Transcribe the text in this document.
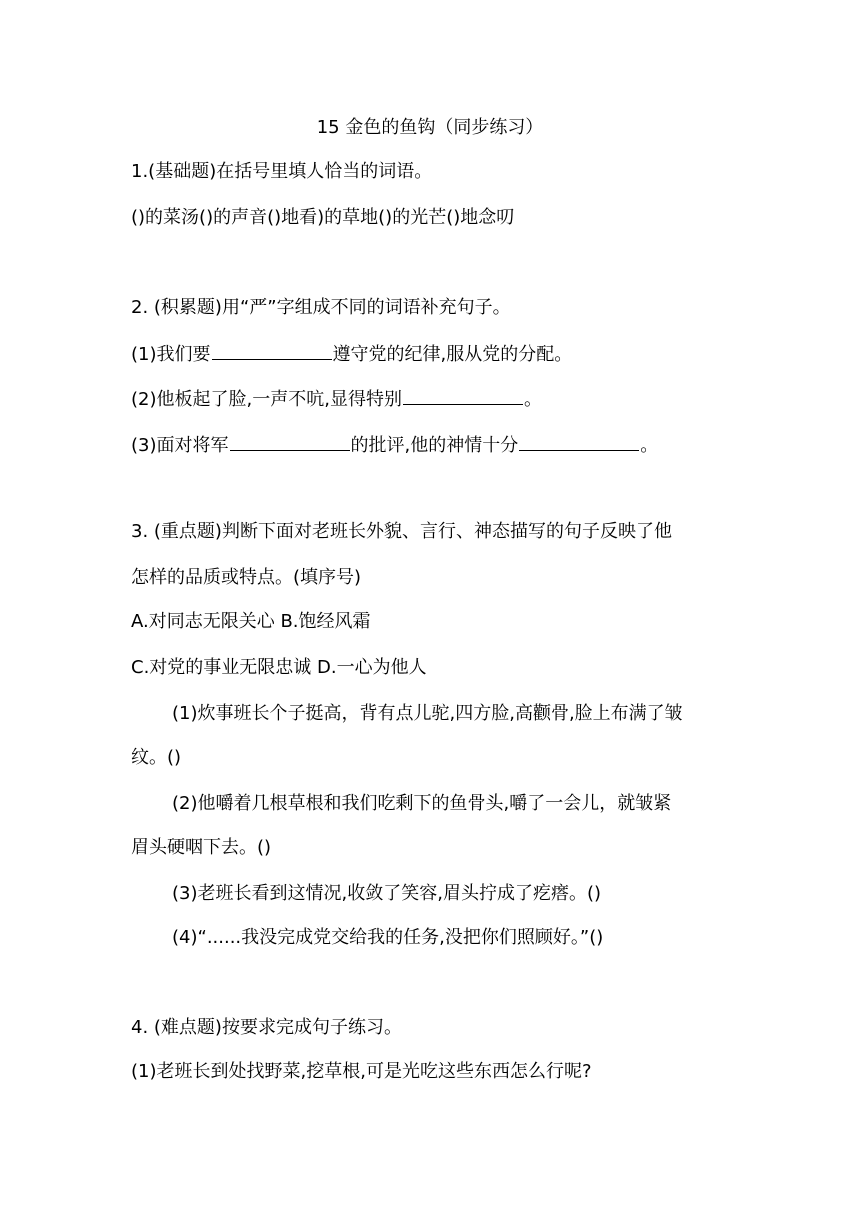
15 金色的鱼钩（同步练习）
1.(基础题)在括号里填人恰当的词语。
()的菜汤()的声音()地看)的草地()的光芒()地念叨
2. (积累题)用“严”字组成不同的词语补充句子。
(1)我们要	遵守党的纪律,服从党的分配。
(2)他板起了脸,一声不吭,显得特别	。
(3)面对将军	的批评,他的神情十分	。
3. (重点题)判断下面对老班长外貌、言行、神态描写的句子反映了他
怎样的品质或特点。(填序号)
A.对同志无限关心 B.饱经风霜
C.对党的事业无限忠诚 D.一心为他人
(1)炊事班长个子挺高，背有点儿驼,四方脸,高颧骨,脸上布满了皱
纹。()
(2)他嚼着几根草根和我们吃剩下的鱼骨头,嚼了一会儿，就皱紧
眉头硬咽下去。()
(3)老班长看到这情况,收敛了笑容,眉头拧成了疙瘩。()
(4)“......我没完成党交给我的任务,没把你们照顾好。”()
4. (难点题)按要求完成句子练习。
(1)老班长到处找野菜,挖草根,可是光吃这些东西怎么行呢?
